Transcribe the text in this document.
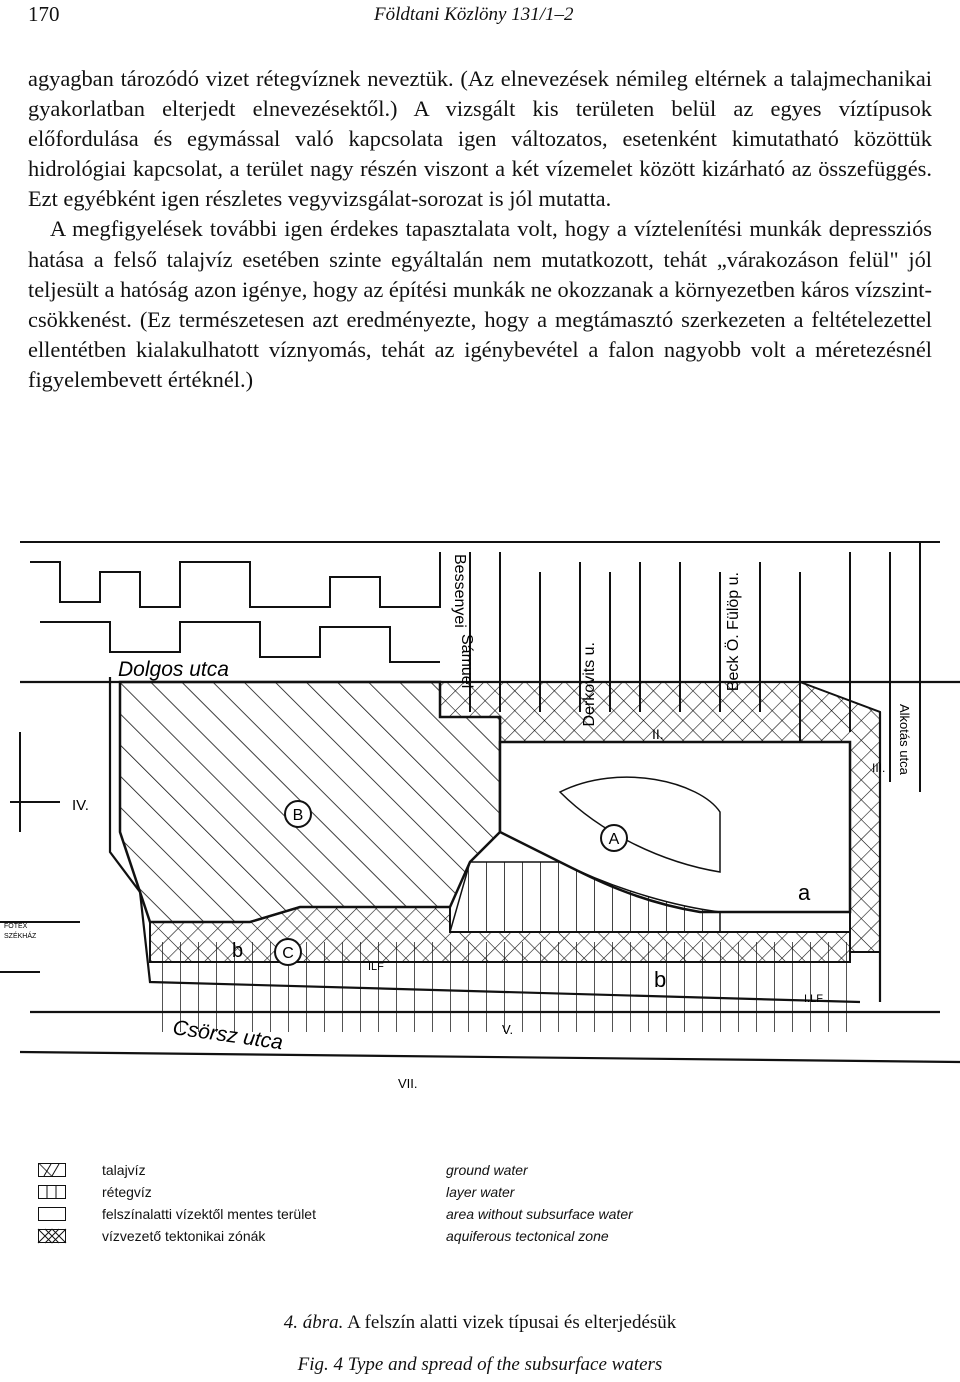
170	Földtani Közlöny 131/1–2

agyagban tározódó vizet rétegvíznek neveztük. (Az elnevezések némileg eltérnek a talajmechanikai gyakorlatban elterjedt elnevezésektől.) A vizsgált kis területen belül az egyes víztípusok előfordulása és egymással való kapcsolata igen változatos, esetenként kimutatható közöttük hidrológiai kapcsolat, a terület nagy részén viszont a két vízemelet között kizárható az összefüggés. Ezt egyébként igen részletes vegyvizsgálat-sorozat is jól mutatta.

A megfigyelések további igen érdekes tapasztalata volt, hogy a víztelenítési munkák depressziós hatása a felső talajvíz esetében szinte egyáltalán nem mutatkozott, tehát „várakozáson felül" jól teljesült a hatóság azon igénye, hogy az építési munkák ne okozzanak a környezetben káros vízszint-csökkenést. (Ez természetesen azt eredményezte, hogy a megtámasztó szerkezeten a feltételezettel ellentétben kialakulhatott víznyomás, tehát az igénybevétel a falon nagyobb volt a méretezésnél figyelembevett értéknél.)

A
B
C
a
b
b
Dolgos utca
Csörsz utca
Bessenyei
Sámuel	Derkovits u.	Beck Ö. Fülöp u.
Alkotás utca
IV.
II.
III.
V.
VII.
ILF
I.LF
FOTEX
SZÉKHÁZ
talajvíz	ground water
rétegvíz	layer water
felszínalatti vízektől mentes terület	area without subsurface water
vízvezető tektonikai zónák	aquiferous tectonical zone
4. ábra. A felszín alatti vizek típusai és elterjedésük
Fig. 4 Type and spread of the subsurface waters
